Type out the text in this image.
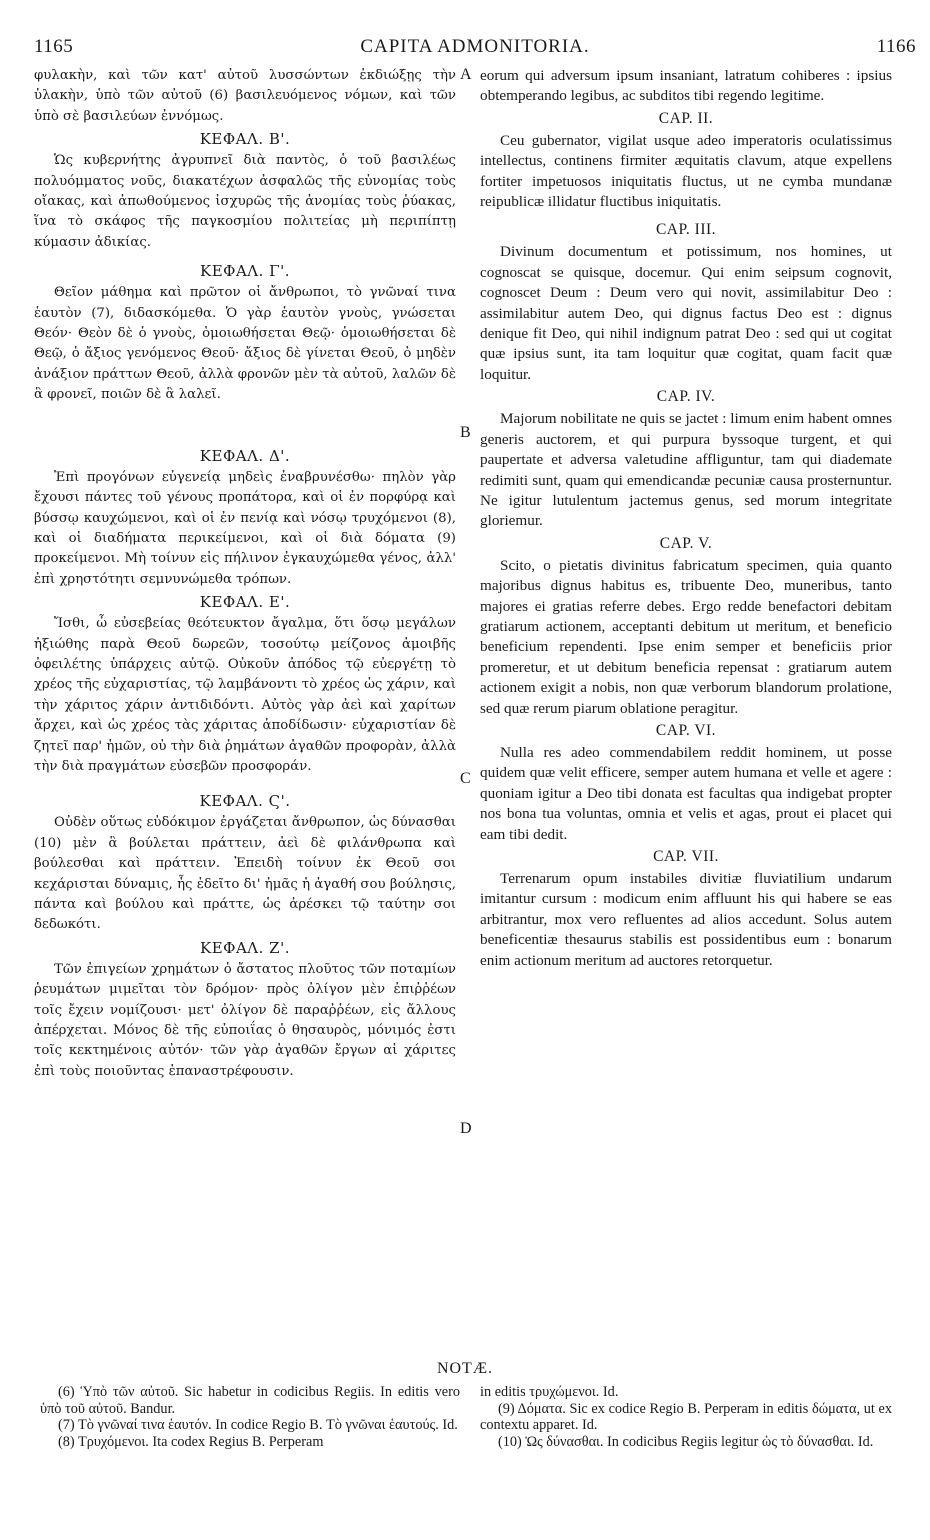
1165	CAPITA ADMONITORIA.	1166
A
B
C
D

φυλακὴν, καὶ τῶν κατ' αὐτοῦ λυσσώντων ἐκδιώξῃς τὴν ὑλακὴν, ὑπὸ τῶν αὐτοῦ (6) βασιλευόμενος νόμων, καὶ τῶν ὑπὸ σὲ βασιλεύων ἐννόμως.

ΚΕΦΑΛ. Β'.

Ὡς κυβερνήτης ἀγρυπνεῖ διὰ παντὸς, ὁ τοῦ βασιλέως πολυόμματος νοῦς, διακατέχων ἀσφαλῶς τῆς εὐνομίας τοὺς οἴακας, καὶ ἀπωθούμενος ἰσχυρῶς τῆς ἀνομίας τοὺς ῥύακας, ἵνα τὸ σκάφος τῆς παγκοσμίου πολιτείας μὴ περιπίπτῃ κύμασιν ἀδικίας.

ΚΕΦΑΛ. Γ'.

Θεῖον μάθημα καὶ πρῶτον οἱ ἄνθρωποι, τὸ γνῶναί τινα ἑαυτὸν (7), διδασκόμεθα. Ὁ γὰρ ἑαυτὸν γνοὺς, γνώσεται Θεόν· Θεὸν δὲ ὁ γνοὺς, ὁμοιωθήσεται Θεῷ· ὁμοιωθήσεται δὲ Θεῷ, ὁ ἄξιος γενόμενος Θεοῦ· ἄξιος δὲ γίνεται Θεοῦ, ὁ μηδὲν ἀνάξιον πράττων Θεοῦ, ἀλλὰ φρονῶν μὲν τὰ αὐτοῦ, λαλῶν δὲ ἃ φρονεῖ, ποιῶν δὲ ἃ λαλεῖ.

ΚΕΦΑΛ. Δ'.

Ἐπὶ προγόνων εὐγενείᾳ μηδεὶς ἐναβρυνέσθω· πηλὸν γὰρ ἔχουσι πάντες τοῦ γένους προπάτορα, καὶ οἱ ἐν πορφύρᾳ καὶ βύσσῳ καυχώμενοι, καὶ οἱ ἐν πενίᾳ καὶ νόσῳ τρυχόμενοι (8), καὶ οἱ διαδήματα περικείμενοι, καὶ οἱ διὰ δόματα (9) προκείμενοι. Μὴ τοίνυν εἰς πήλινον ἐγκαυχώμεθα γένος, ἀλλ' ἐπὶ χρηστότητι σεμνυνώμεθα τρόπων.

ΚΕΦΑΛ. Ε'.

Ἴσθι, ὦ εὐσεβείας θεότευκτον ἄγαλμα, ὅτι ὅσῳ μεγάλων ἠξιώθης παρὰ Θεοῦ δωρεῶν, τοσούτῳ μείζονος ἀμοιβῆς ὀφειλέτης ὑπάρχεις αὐτῷ. Οὐκοῦν ἀπόδος τῷ εὐεργέτῃ τὸ χρέος τῆς εὐχαριστίας, τῷ λαμβάνοντι τὸ χρέος ὡς χάριν, καὶ τὴν χάριτος χάριν ἀντιδιδόντι. Αὐτὸς γὰρ ἀεὶ καὶ χαρίτων ἄρχει, καὶ ὡς χρέος τὰς χάριτας ἀποδίδωσιν· εὐχαριστίαν δὲ ζητεῖ παρ' ἡμῶν, οὐ τὴν διὰ ῥημάτων ἀγαθῶν προφορὰν, ἀλλὰ τὴν διὰ πραγμάτων εὐσεβῶν προσφοράν.

ΚΕΦΑΛ. Ϛ'.

Οὐδὲν οὕτως εὐδόκιμον ἐργάζεται ἄνθρωπον, ὡς δύνασθαι (10) μὲν ἃ βούλεται πράττειν, ἀεὶ δὲ φιλάνθρωπα καὶ βούλεσθαι καὶ πράττειν. Ἐπειδὴ τοίνυν ἐκ Θεοῦ σοι κεχάρισται δύναμις, ἧς ἐδεῖτο δι' ἡμᾶς ἡ ἀγαθή σου βούλησις, πάντα καὶ βούλου καὶ πράττε, ὡς ἀρέσκει τῷ ταύτην σοι δεδωκότι.

ΚΕΦΑΛ. Ζ'.

Τῶν ἐπιγείων χρημάτων ὁ ἄστατος πλοῦτος τῶν ποταμίων ῥευμάτων μιμεῖται τὸν δρόμον· πρὸς ὀλίγον μὲν ἐπιῤῥέων τοῖς ἔχειν νομίζουσι· μετ' ὀλίγον δὲ παραῤῥέων, εἰς ἄλλους ἀπέρχεται. Μόνος δὲ τῆς εὐποιΐας ὁ θησαυρὸς, μόνιμός ἐστι τοῖς κεκτημένοις αὐτόν· τῶν γὰρ ἀγαθῶν ἔργων αἱ χάριτες ἐπὶ τοὺς ποιοῦντας ἐπαναστρέφουσιν.

eorum qui adversum ipsum insaniant, latratum cohiberes : ipsius obtemperando legibus, ac subditos tibi regendo legitime.

CAP. II.

Ceu gubernator, vigilat usque adeo imperatoris oculatissimus intellectus, continens firmiter æquitatis clavum, atque expellens fortiter impetuosos iniquitatis fluctus, ut ne cymba mundanæ reipublicæ illidatur fluctibus iniquitatis.

CAP. III.

Divinum documentum et potissimum, nos homines, ut cognoscat se quisque, docemur. Qui enim seipsum cognovit, cognoscet Deum : Deum vero qui novit, assimilabitur Deo : assimilabitur autem Deo, qui dignus factus Deo est : dignus denique fit Deo, qui nihil indignum patrat Deo : sed qui ut cogitat quæ ipsius sunt, ita tam loquitur quæ cogitat, quam facit quæ loquitur.

CAP. IV.

Majorum nobilitate ne quis se jactet : limum enim habent omnes generis auctorem, et qui purpura byssoque turgent, et qui paupertate et adversa valetudine affliguntur, tam qui diademate redimiti sunt, quam qui emendicandæ pecuniæ causa prosternuntur. Ne igitur lutulentum jactemus genus, sed morum integritate gloriemur.

CAP. V.

Scito, o pietatis divinitus fabricatum specimen, quia quanto majoribus dignus habitus es, tribuente Deo, muneribus, tanto majores ei gratias referre debes. Ergo redde benefactori debitam gratiarum actionem, acceptanti debitum ut meritum, et beneficio beneficium rependenti. Ipse enim semper et beneficiis prior promeretur, et ut debitum beneficia repensat : gratiarum autem actionem exigit a nobis, non quæ verborum blandorum prolatione, sed quæ rerum piarum oblatione peragitur.

CAP. VI.

Nulla res adeo commendabilem reddit hominem, ut posse quidem quæ velit efficere, semper autem humana et velle et agere : quoniam igitur a Deo tibi donata est facultas qua indigebat propter nos bona tua voluntas, omnia et velis et agas, prout ei placet qui eam tibi dedit.

CAP. VII.

Terrenarum opum instabiles divitiæ fluviatilium undarum imitantur cursum : modicum enim affluunt his qui habere se eas arbitrantur, mox vero refluentes ad alios accedunt. Solus autem beneficentiæ thesaurus stabilis est possidentibus eum : bonarum enim actionum meritum ad auctores retorquetur.

NOTÆ.

(6) Ὑπὸ τῶν αὐτοῦ. Sic habetur in codicibus Regiis. In editis vero ὑπὸ τοῦ αὐτοῦ. Bandur.

(7) Τὸ γνῶναί τινα ἑαυτόν. In codice Regio B. Τὸ γνῶναι ἑαυτούς. Id.

(8) Τρυχόμενοι. Ita codex Regius B. Perperam

in editis τρυχώμενοι. Id.

(9) Δόματα. Sic ex codice Regio B. Perperam in editis δώματα, ut ex contextu apparet. Id.

(10) Ὡς δύνασθαι. In codicibus Regiis legitur ὡς τὸ δύνασθαι. Id.
